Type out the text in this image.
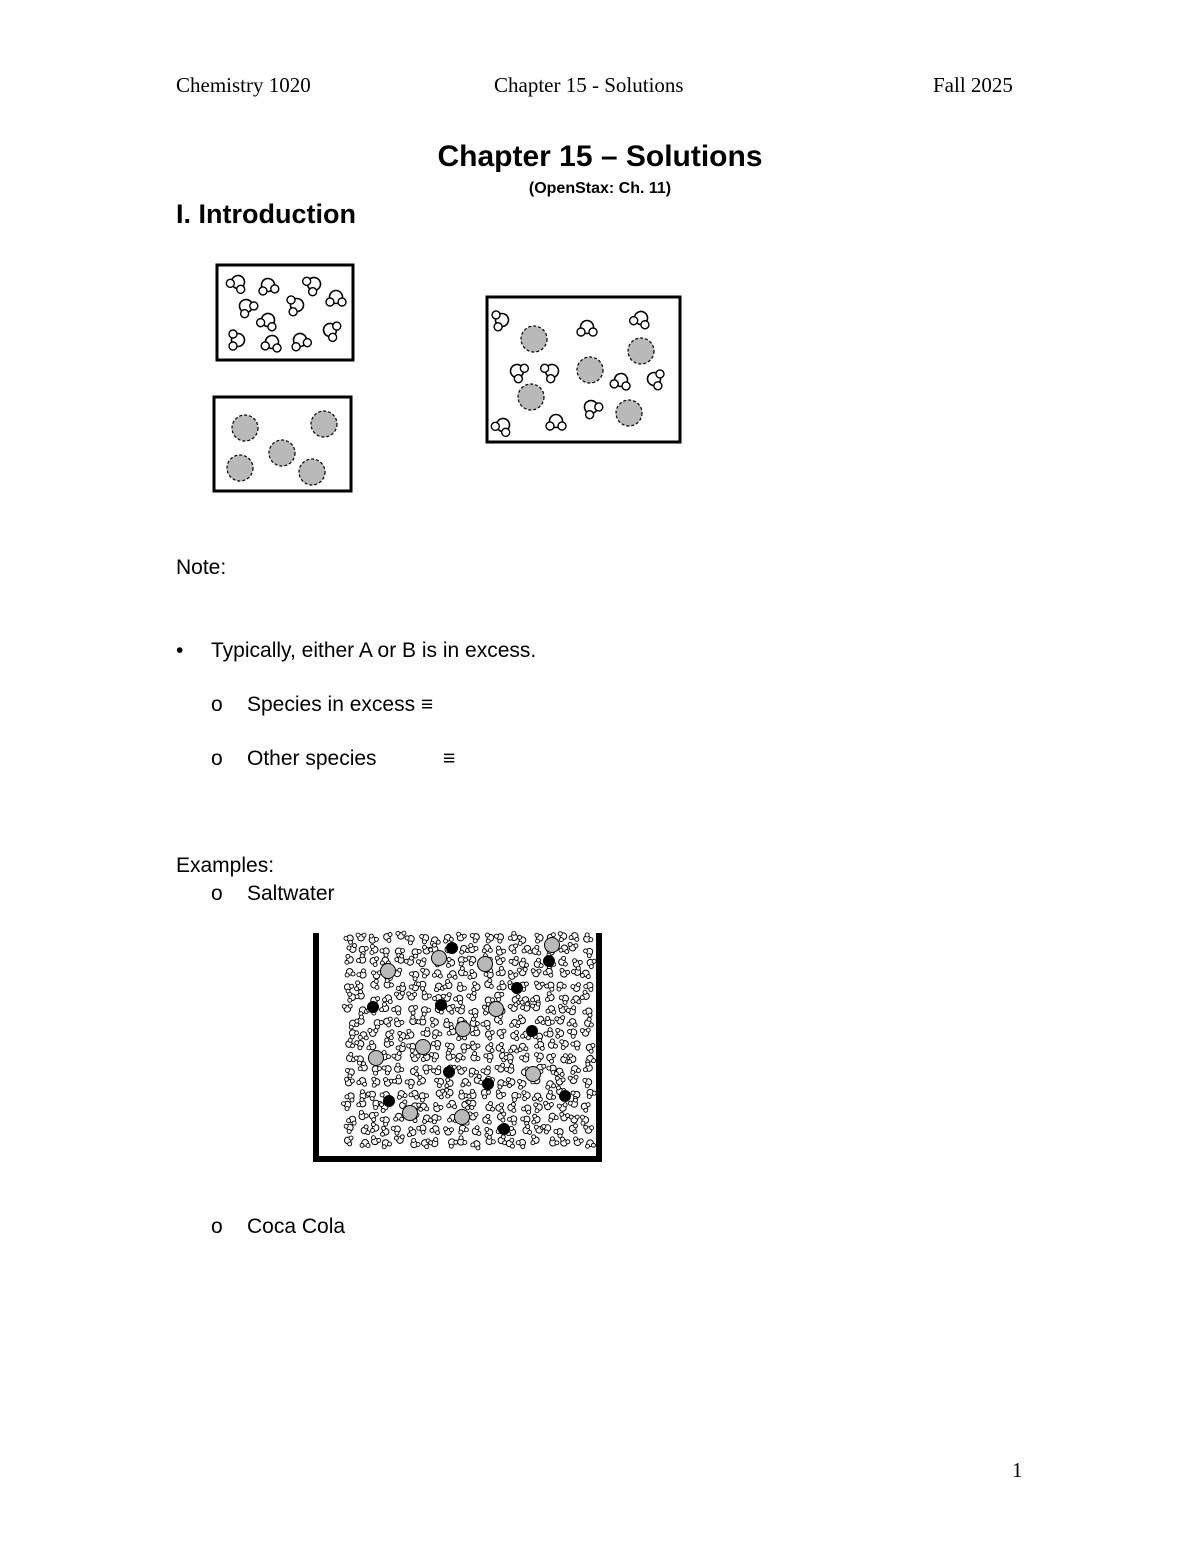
Chemistry 1020	Chapter 15 - Solutions	Fall 2025
Chapter 15 – Solutions
(OpenStax: Ch. 11)
I. Introduction
Note:
• Typically, either A or B is in excess.
o Species in excess ≡
o Other species	≡
Examples:
o Saltwater
o Coca Cola
1
